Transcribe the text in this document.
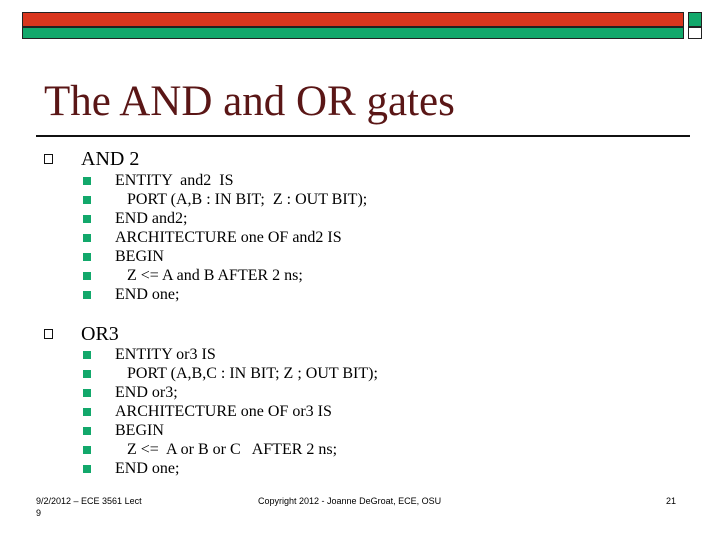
The AND and OR gates
AND 2
ENTITY  and2  IS
PORT (A,B : IN BIT;  Z : OUT BIT);
END and2;
ARCHITECTURE one OF and2 IS
BEGIN
Z <= A and B AFTER 2 ns;
END one;
OR3
ENTITY or3 IS
PORT (A,B,C : IN BIT; Z ; OUT BIT);
END or3;
ARCHITECTURE one OF or3 IS
BEGIN
Z <=  A or B or C   AFTER 2 ns;
END one;
9/2/2012 – ECE 3561 Lect
9
Copyright 2012 - Joanne DeGroat, ECE, OSU	21
